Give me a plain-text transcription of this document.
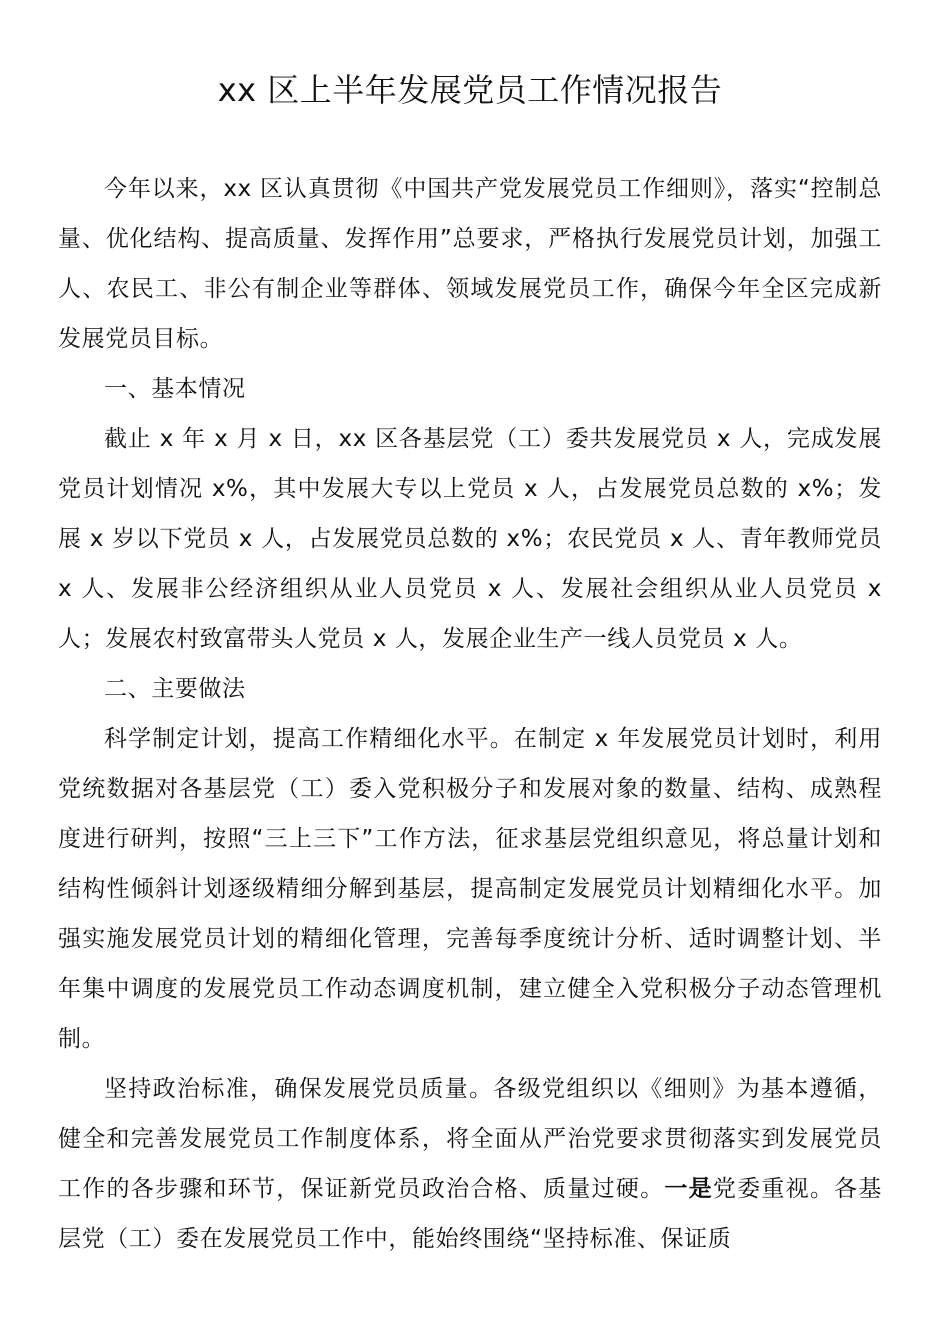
xx 区上半年发展党员工作情况报告

今年以来，xx 区认真贯彻《中国共产党发展党员工作细则》，落实“控制总量、优化结构、提高质量、发挥作用”总要求，严格执行发展党员计划，加强工人、农民工、非公有制企业等群体、领域发展党员工作，确保今年全区完成新发展党员目标。

一、基本情况

截止 x 年 x 月 x 日，xx 区各基层党（工）委共发展党员 x 人，完成发展党员计划情况 x%，其中发展大专以上党员 x 人，占发展党员总数的 x%；发展 x 岁以下党员 x 人，占发展党员总数的 x%；农民党员 x 人、青年教师党员 x 人、发展非公经济组织从业人员党员 x 人、发展社会组织从业人员党员 x 人；发展农村致富带头人党员 x 人，发展企业生产一线人员党员 x 人。

二、主要做法

科学制定计划，提高工作精细化水平。在制定 x 年发展党员计划时，利用党统数据对各基层党（工）委入党积极分子和发展对象的数量、结构、成熟程度进行研判，按照“三上三下”工作方法，征求基层党组织意见，将总量计划和结构性倾斜计划逐级精细分解到基层，提高制定发展党员计划精细化水平。加强实施发展党员计划的精细化管理，完善每季度统计分析、适时调整计划、半年集中调度的发展党员工作动态调度机制，建立健全入党积极分子动态管理机制。

坚持政治标准，确保发展党员质量。各级党组织以《细则》为基本遵循，健全和完善发展党员工作制度体系，将全面从严治党要求贯彻落实到发展党员工作的各步骤和环节，保证新党员政治合格、质量过硬。一是党委重视。各基层党（工）委在发展党员工作中，能始终围绕“坚持标准、保证质
